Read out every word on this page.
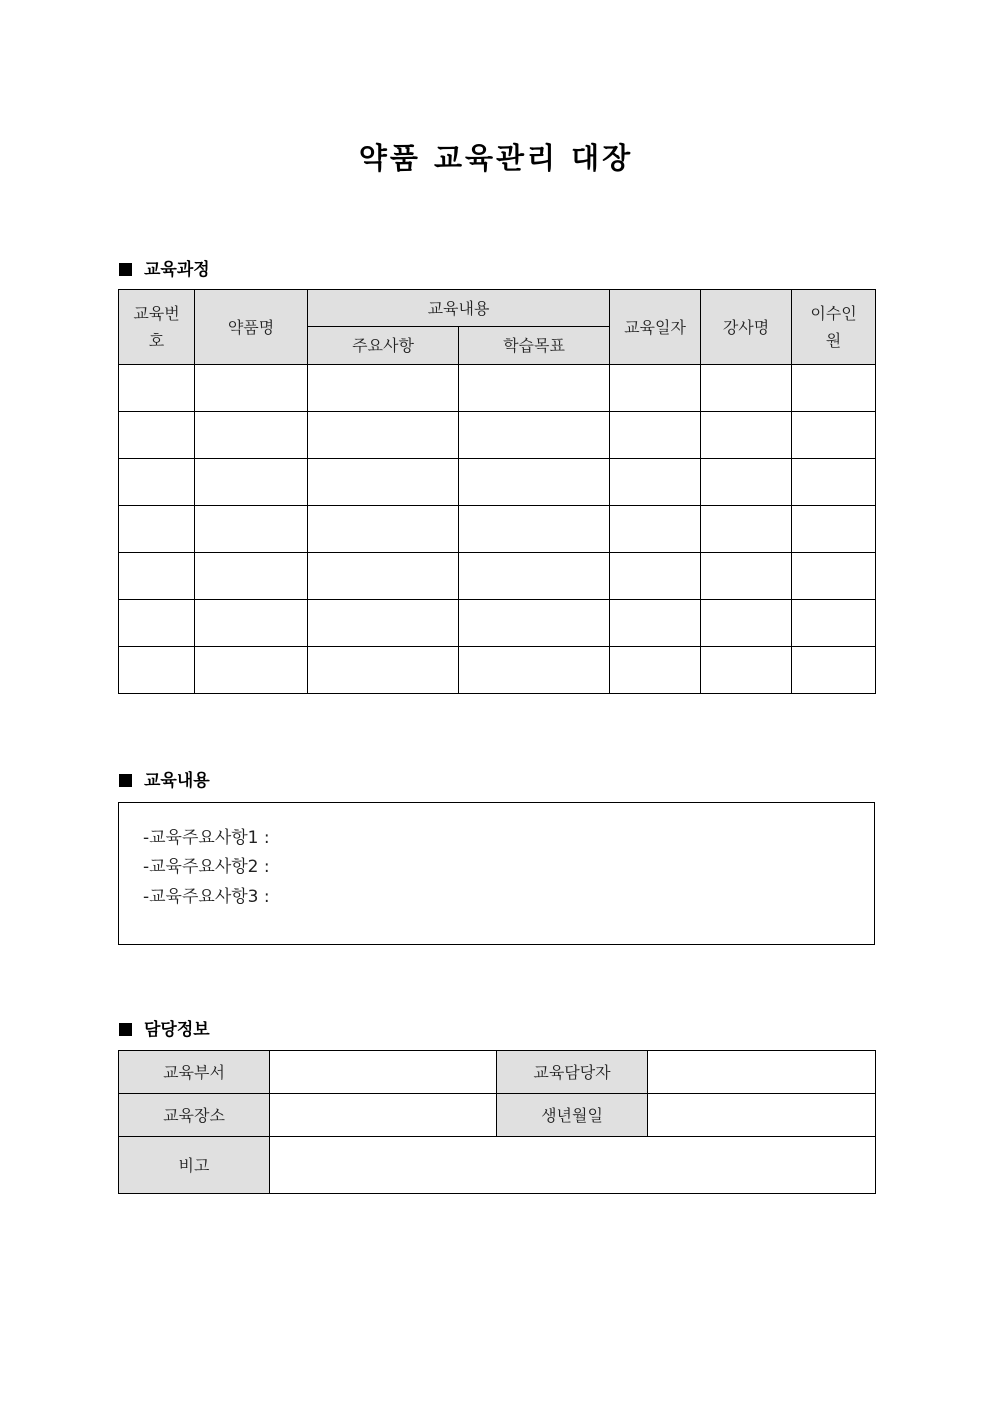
약품 교육관리 대장
교육과정
교육번호	약품명	교육내용		교육일자	강사명	이수인원
		주요사항	학습목표			

교육내용
-교육주요사항1 :
-교육주요사항2 :
-교육주요사항3 :
담당정보
교육부서		교육담당자	
교육장소		생년월일	
비고			
